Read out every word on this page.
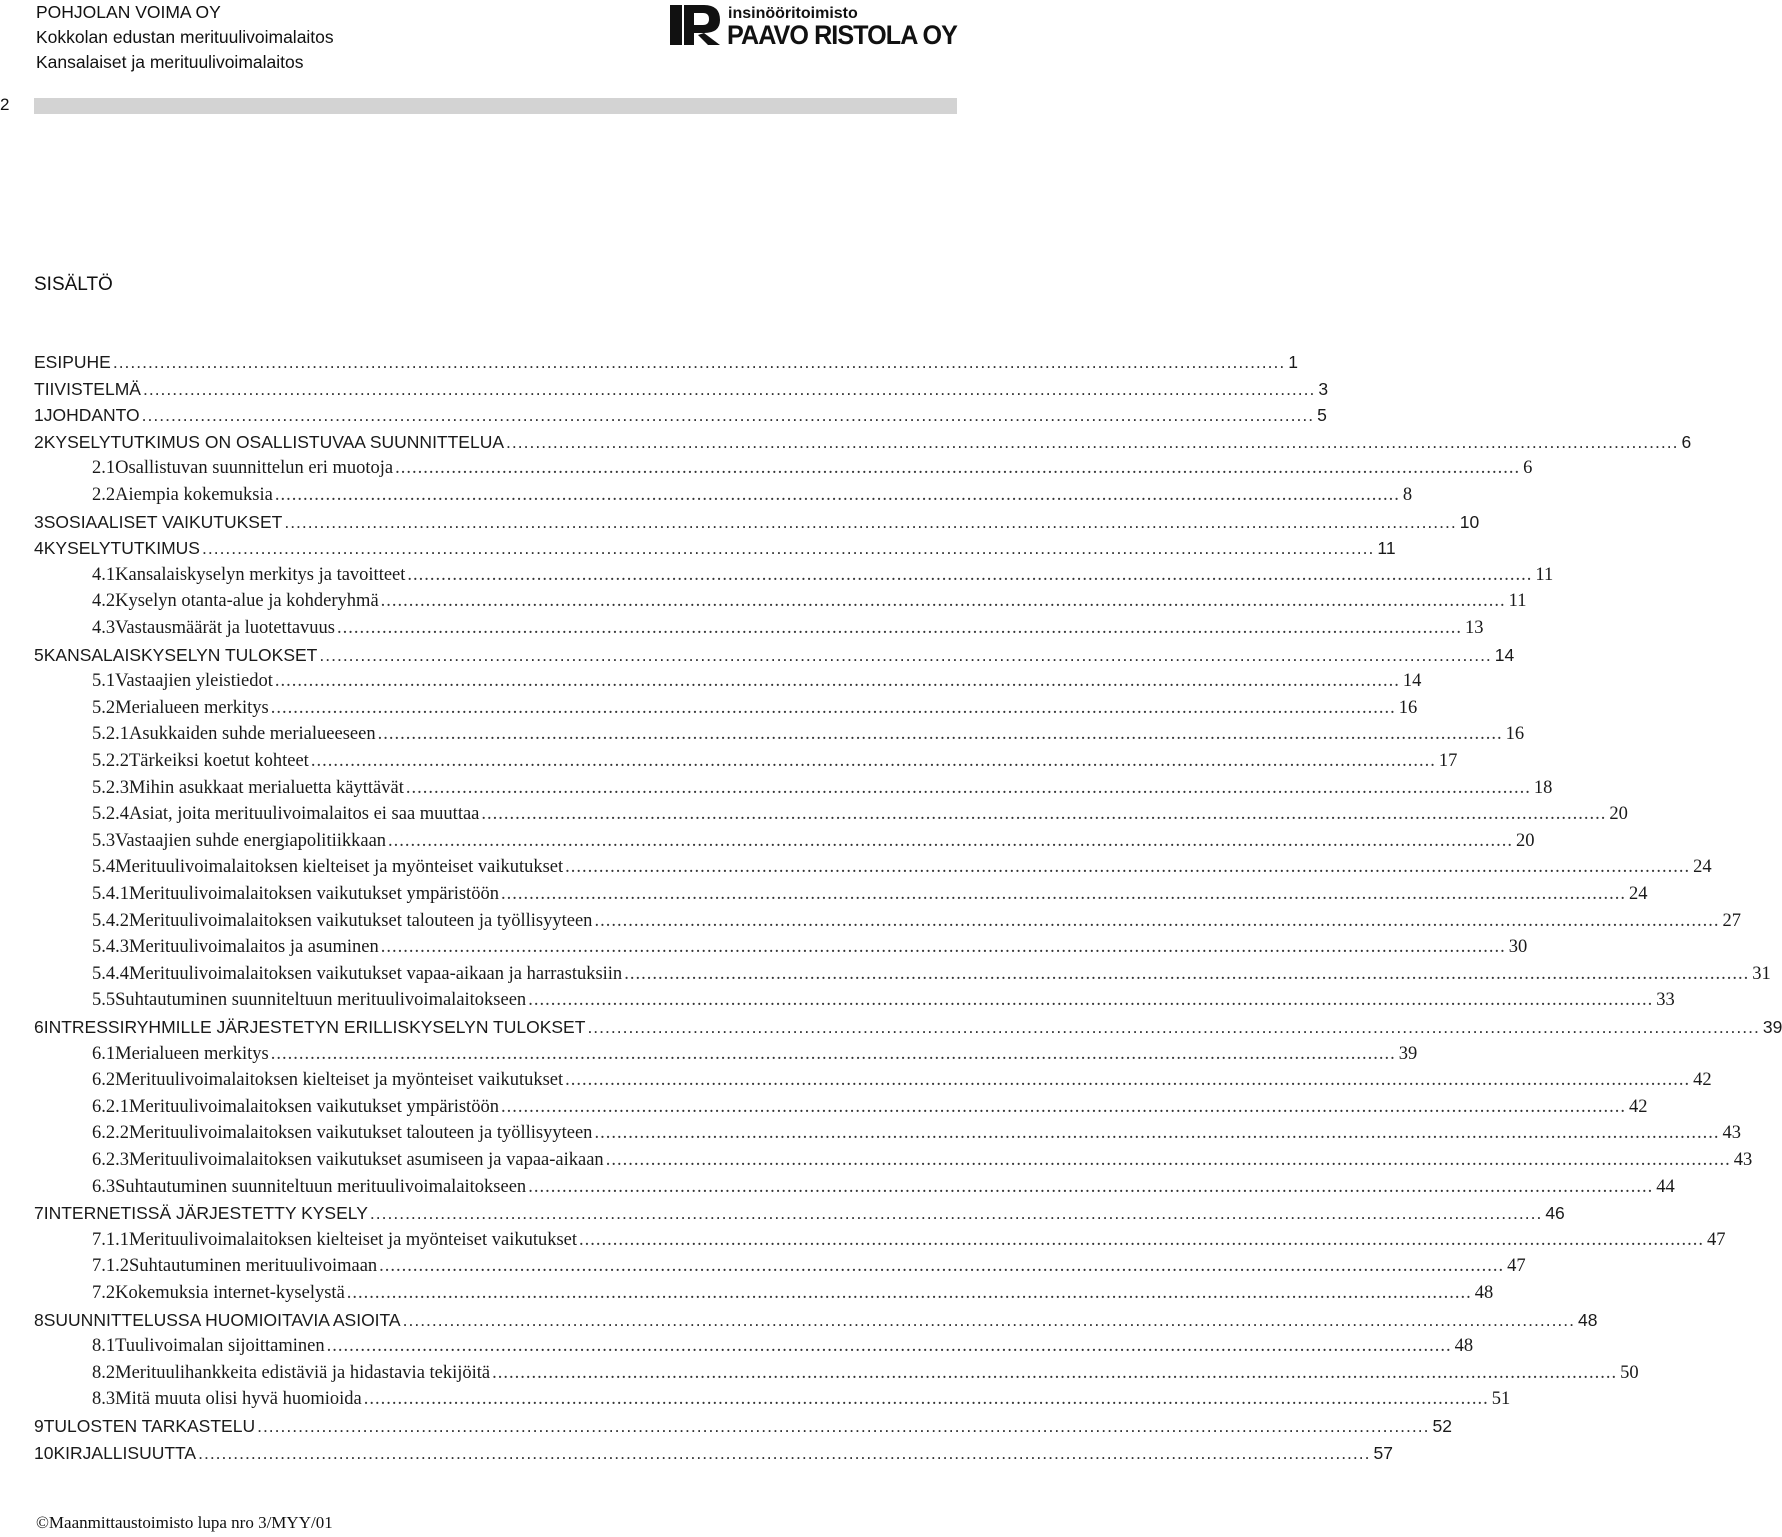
POHJOLAN VOIMA OY
Kokkolan edustan merituulivoimalaitos
Kansalaiset ja merituulivoimalaitos
insinööritoimisto
PAAVO RISTOLA OY
2
SISÄLTÖ
ESIPUHE ........................................................................................................................................................................................................ 1
TIIVISTELMÄ ........................................................................................................................................................................................................ 3
1 JOHDANTO ........................................................................................................................................................................................................ 5
2 KYSELYTUTKIMUS ON OSALLISTUVAA SUUNNITTELUA ........................................................................................................................................................................................................ 6
2.1 Osallistuvan suunnittelun eri muotoja ........................................................................................................................................................................................................ 6
2.2 Aiempia kokemuksia ........................................................................................................................................................................................................ 8
3 SOSIAALISET VAIKUTUKSET ........................................................................................................................................................................................................ 10
4 KYSELYTUTKIMUS ........................................................................................................................................................................................................ 11
4.1 Kansalaiskyselyn merkitys ja tavoitteet ........................................................................................................................................................................................................ 11
4.2 Kyselyn otanta-alue ja kohderyhmä ........................................................................................................................................................................................................ 11
4.3 Vastausmäärät ja luotettavuus ........................................................................................................................................................................................................ 13
5 KANSALAISKYSELYN TULOKSET ........................................................................................................................................................................................................ 14
5.1 Vastaajien yleistiedot ........................................................................................................................................................................................................ 14
5.2 Merialueen merkitys ........................................................................................................................................................................................................ 16
5.2.1 Asukkaiden suhde merialueeseen ........................................................................................................................................................................................................ 16
5.2.2 Tärkeiksi koetut kohteet ........................................................................................................................................................................................................ 17
5.2.3 Mihin asukkaat merialuetta käyttävät ........................................................................................................................................................................................................ 18
5.2.4 Asiat, joita merituulivoimalaitos ei saa muuttaa ........................................................................................................................................................................................................ 20
5.3 Vastaajien suhde energiapolitiikkaan ........................................................................................................................................................................................................ 20
5.4 Merituulivoimalaitoksen kielteiset ja myönteiset vaikutukset ........................................................................................................................................................................................................ 24
5.4.1 Merituulivoimalaitoksen vaikutukset ympäristöön ........................................................................................................................................................................................................ 24
5.4.2 Merituulivoimalaitoksen vaikutukset talouteen ja työllisyyteen ........................................................................................................................................................................................................ 27
5.4.3 Merituulivoimalaitos ja asuminen ........................................................................................................................................................................................................ 30
5.4.4 Merituulivoimalaitoksen vaikutukset vapaa-aikaan ja harrastuksiin ........................................................................................................................................................................................................ 31
5.5 Suhtautuminen suunniteltuun merituulivoimalaitokseen ........................................................................................................................................................................................................ 33
6 INTRESSIRYHMILLE JÄRJESTETYN ERILLISKYSELYN TULOKSET ........................................................................................................................................................................................................ 39
6.1 Merialueen merkitys ........................................................................................................................................................................................................ 39
6.2 Merituulivoimalaitoksen kielteiset ja myönteiset vaikutukset ........................................................................................................................................................................................................ 42
6.2.1 Merituulivoimalaitoksen vaikutukset ympäristöön ........................................................................................................................................................................................................ 42
6.2.2 Merituulivoimalaitoksen vaikutukset talouteen ja työllisyyteen ........................................................................................................................................................................................................ 43
6.2.3 Merituulivoimalaitoksen vaikutukset asumiseen ja vapaa-aikaan ........................................................................................................................................................................................................ 43
6.3 Suhtautuminen suunniteltuun merituulivoimalaitokseen ........................................................................................................................................................................................................ 44
7 INTERNETISSÄ JÄRJESTETTY KYSELY ........................................................................................................................................................................................................ 46
7.1.1 Merituulivoimalaitoksen kielteiset ja myönteiset vaikutukset ........................................................................................................................................................................................................ 47
7.1.2 Suhtautuminen merituulivoimaan ........................................................................................................................................................................................................ 47
7.2 Kokemuksia internet-kyselystä ........................................................................................................................................................................................................ 48
8 SUUNNITTELUSSA HUOMIOITAVIA ASIOITA ........................................................................................................................................................................................................ 48
8.1 Tuulivoimalan sijoittaminen ........................................................................................................................................................................................................ 48
8.2 Merituulihankkeita edistäviä ja hidastavia tekijöitä ........................................................................................................................................................................................................ 50
8.3 Mitä muuta olisi hyvä huomioida ........................................................................................................................................................................................................ 51
9 TULOSTEN TARKASTELU ........................................................................................................................................................................................................ 52
10 KIRJALLISUUTTA ........................................................................................................................................................................................................ 57
©Maanmittaustoimisto lupa nro 3/MYY/01
